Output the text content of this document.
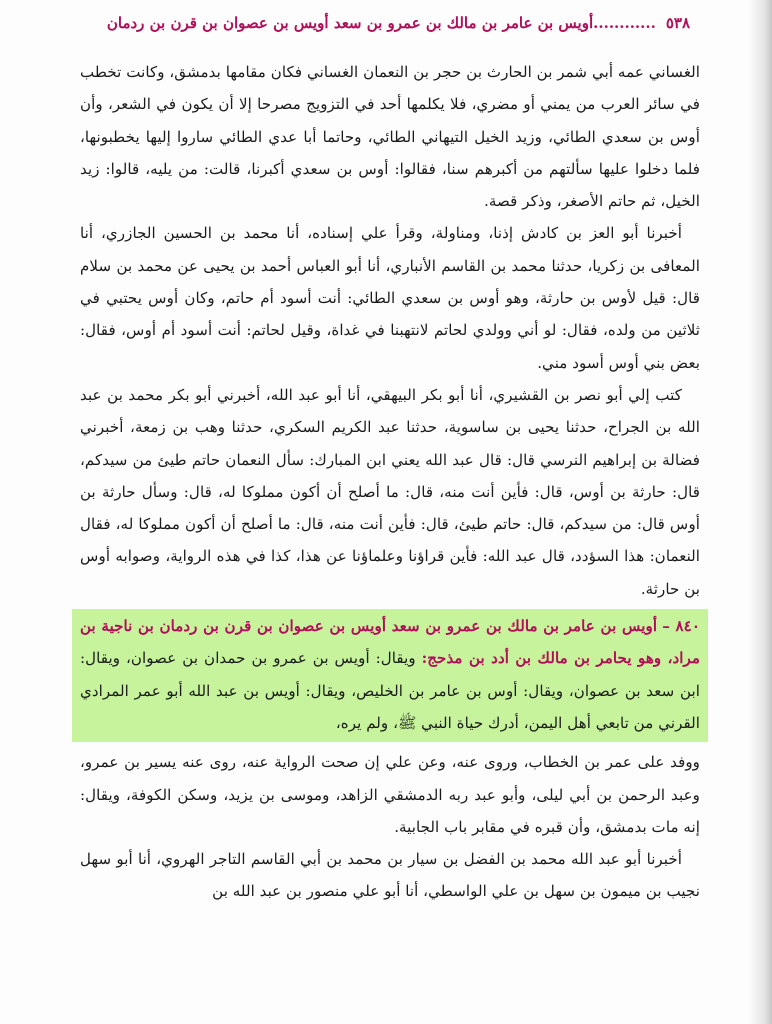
٥٣٨............أويس بن عامر بن مالك بن عمرو بن سعد أويس بن عصوان بن قرن بن ردمان

الغساني عمه أبي شمر بن الحارث بن حجر بن النعمان الغساني فكان مقامها بدمشق، وكانت تخطب في سائر العرب من يمني أو مضري، فلا يكلمها أحد في التزويج مصرحا إلا أن يكون في الشعر، وأن أوس بن سعدي الطائي، وزيد الخيل التيهاني الطائي، وحاتما أبا عدي الطائي ساروا إليها يخطبونها، فلما دخلوا عليها سألتهم من أكبرهم سنا، فقالوا: أوس بن سعدي أكبرنا، قالت: من يليه، قالوا: زيد الخيل، ثم حاتم الأصغر، وذكر قصة.

أخبرنا أبو العز بن كادش إذنا، ومناولة، وقرأ علي إسناده، أنا محمد بن الحسين الجازري، أنا المعافى بن زكريا، حدثنا محمد بن القاسم الأنباري، أنا أبو العباس أحمد بن يحيى عن محمد بن سلام قال: قيل لأوس بن حارثة، وهو أوس بن سعدي الطائي: أنت أسود أم حاتم، وكان أوس يحتبي في ثلاثين من ولده، فقال: لو أني وولدي لحاتم لانتهبنا في غداة، وقيل لحاتم: أنت أسود أم أوس، فقال: بعض بني أوس أسود مني.

كتب إلي أبو نصر بن القشيري، أنا أبو بكر البيهقي، أنا أبو عبد الله، أخبرني أبو بكر محمد بن عبد الله بن الجراح، حدثنا يحيى بن ساسوية، حدثنا عبد الكريم السكري، حدثنا وهب بن زمعة، أخبرني فضالة بن إبراهيم النرسي قال: قال عبد الله يعني ابن المبارك: سأل النعمان حاتم طيئ من سيدكم، قال: حارثة بن أوس، قال: فأين أنت منه، قال: ما أصلح أن أكون مملوكا له، قال: وسأل حارثة بن أوس قال: من سيدكم، قال: حاتم طيئ، قال: فأين أنت منه، قال: ما أصلح أن أكون مملوكا له، فقال النعمان: هذا السؤدد، قال عبد الله: فأين قراؤنا وعلماؤنا عن هذا، كذا في هذه الرواية، وصوابه أوس بن حارثة.

٨٤٠ – أويس بن عامر بن مالك بن عمرو بن سعد أويس بن عصوان بن قرن بن ردمان بن ناجية بن مراد، وهو يحامر بن مالك بن أدد بن مذحج: ويقال: أويس بن عمرو بن حمدان بن عصوان، ويقال: ابن سعد بن عصوان، ويقال: أوس بن عامر بن الخليص، ويقال: أويس بن عبد الله أبو عمر المرادي القرني من تابعي أهل اليمن، أدرك حياة النبي ﷺ، ولم يره،

ووفد على عمر بن الخطاب، وروى عنه، وعن علي إن صحت الرواية عنه، روى عنه يسير بن عمرو، وعبد الرحمن بن أبي ليلى، وأبو عبد ربه الدمشقي الزاهد، وموسى بن يزيد، وسكن الكوفة، ويقال: إنه مات بدمشق، وأن قبره في مقابر باب الجابية.

أخبرنا أبو عبد الله محمد بن الفضل بن سيار بن محمد بن أبي القاسم التاجر الهروي، أنا أبو سهل نجيب بن ميمون بن سهل بن علي الواسطي، أنا أبو علي منصور بن عبد الله بن
